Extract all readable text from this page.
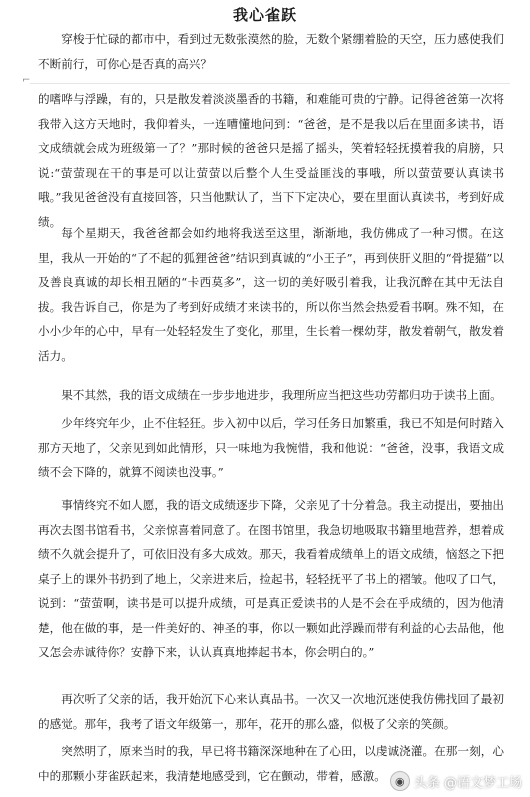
我心雀跃

穿梭于忙碌的都市中，看到过无数张漠然的脸，无数个紧绷着脸的天空，压力感使我们不断前行，可你心是否真的高兴？

⌐

的嗜哗与浮躁，有的，只是散发着淡淡墨香的书籍，和难能可贵的宁静。记得爸爸第一次将我带入这方天地时，我仰着头，一连嘈懂地问到：“爸爸，是不是我以后在里面多读书，语文成绩就会成为班级第一了？”那时候的爸爸只是摇了摇头，笑着轻轻抚摸着我的肩膀，只说:“萤萤现在干的事是可以让萤萤以后整个人生受益匪浅的事哦，所以萤萤要认真读书哦。”我见爸爸没有直接回答，只当他默认了，当下下定决心，要在里面认真读书，考到好成绩。

每个星期天，我爸爸都会如约地将我送至这里，渐渐地，我仿佛成了一种习惯。在这里，我从一开始的“了不起的狐狸爸爸”结识到真诚的“小王子”，再到侠肝义胆的“骨提猫”以及善良真诚的却长相丑陋的“卡西莫多”，这一切的美好吸引着我，让我沉醉在其中无法自拔。我告诉自己，你是为了考到好成绩才来读书的，所以你当然会热爱看书啊。殊不知，在小小少年的心中，早有一处轻轻发生了变化，那里，生长着一棵幼芽，散发着朝气，散发着活力。

果不其然，我的语文成绩在一步步地进步，我理所应当把这些功劳都归功于读书上面。

少年终究年少，止不住轻狂。步入初中以后，学习任务日加繁重，我已不知是何时踏入那方天地了，父亲见到如此情形，只一味地为我惋惜，我和他说：“爸爸，没事，我语文成绩不会下降的，就算不阅读也没事。”

事情终究不如人愿，我的语文成绩逐步下降，父亲见了十分着急。我主动提出，要抽出再次去图书馆看书，父亲惊喜着同意了。在图书馆里，我急切地吸取书籍里地营养，想着成绩不久就会提升了，可依旧没有多大成效。那天，我看着成绩单上的语文成绩，恼怒之下把桌子上的课外书扔到了地上，父亲进来后，捡起书，轻轻抚平了书上的褶皱。他叹了口气，说到：“萤萤啊，读书是可以提升成绩，可是真正爱读书的人是不会在乎成绩的，因为他清楚，他在做的事，是一件美好的、神圣的事，你以一颗如此浮躁而带有利益的心去品他，他又怎会赤诚待你？安静下来，认认真真地捧起书本，你会明白的。”

再次听了父亲的话，我开始沉下心来认真品书。一次又一次地沉迷使我仿佛找回了最初的感觉。那年，我考了语文年级第一，那年，花开的那么盛，似极了父亲的笑颜。

突然明了，原来当时的我，早已将书籍深深地种在了心田，以虔诚浇灌。在那一刻，心中的那颗小芽雀跃起来，我清楚地感受到，它在颤动，带着，感激。 ◉ 头条 @语文梦工场
